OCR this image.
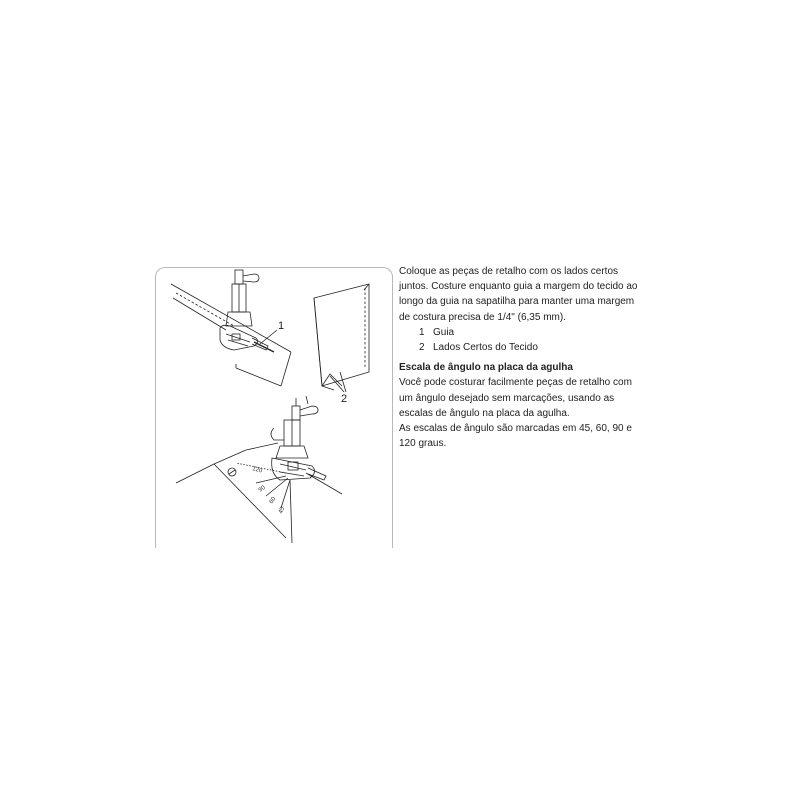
1
2
120
90
60
45

Coloque as peças de retalho com os lados certos juntos. Costure enquanto guia a margem do tecido ao longo da guia na sapatilha para manter uma margem de costura precisa de 1/4" (6,35 mm).

1 Guia

2 Lados Certos do Tecido

Escala de ângulo na placa da agulha

Você pode costurar facilmente peças de retalho com um ângulo desejado sem marcações, usando as escalas de ângulo na placa da agulha.

As escalas de ângulo são marcadas em 45, 60, 90 e 120 graus.
